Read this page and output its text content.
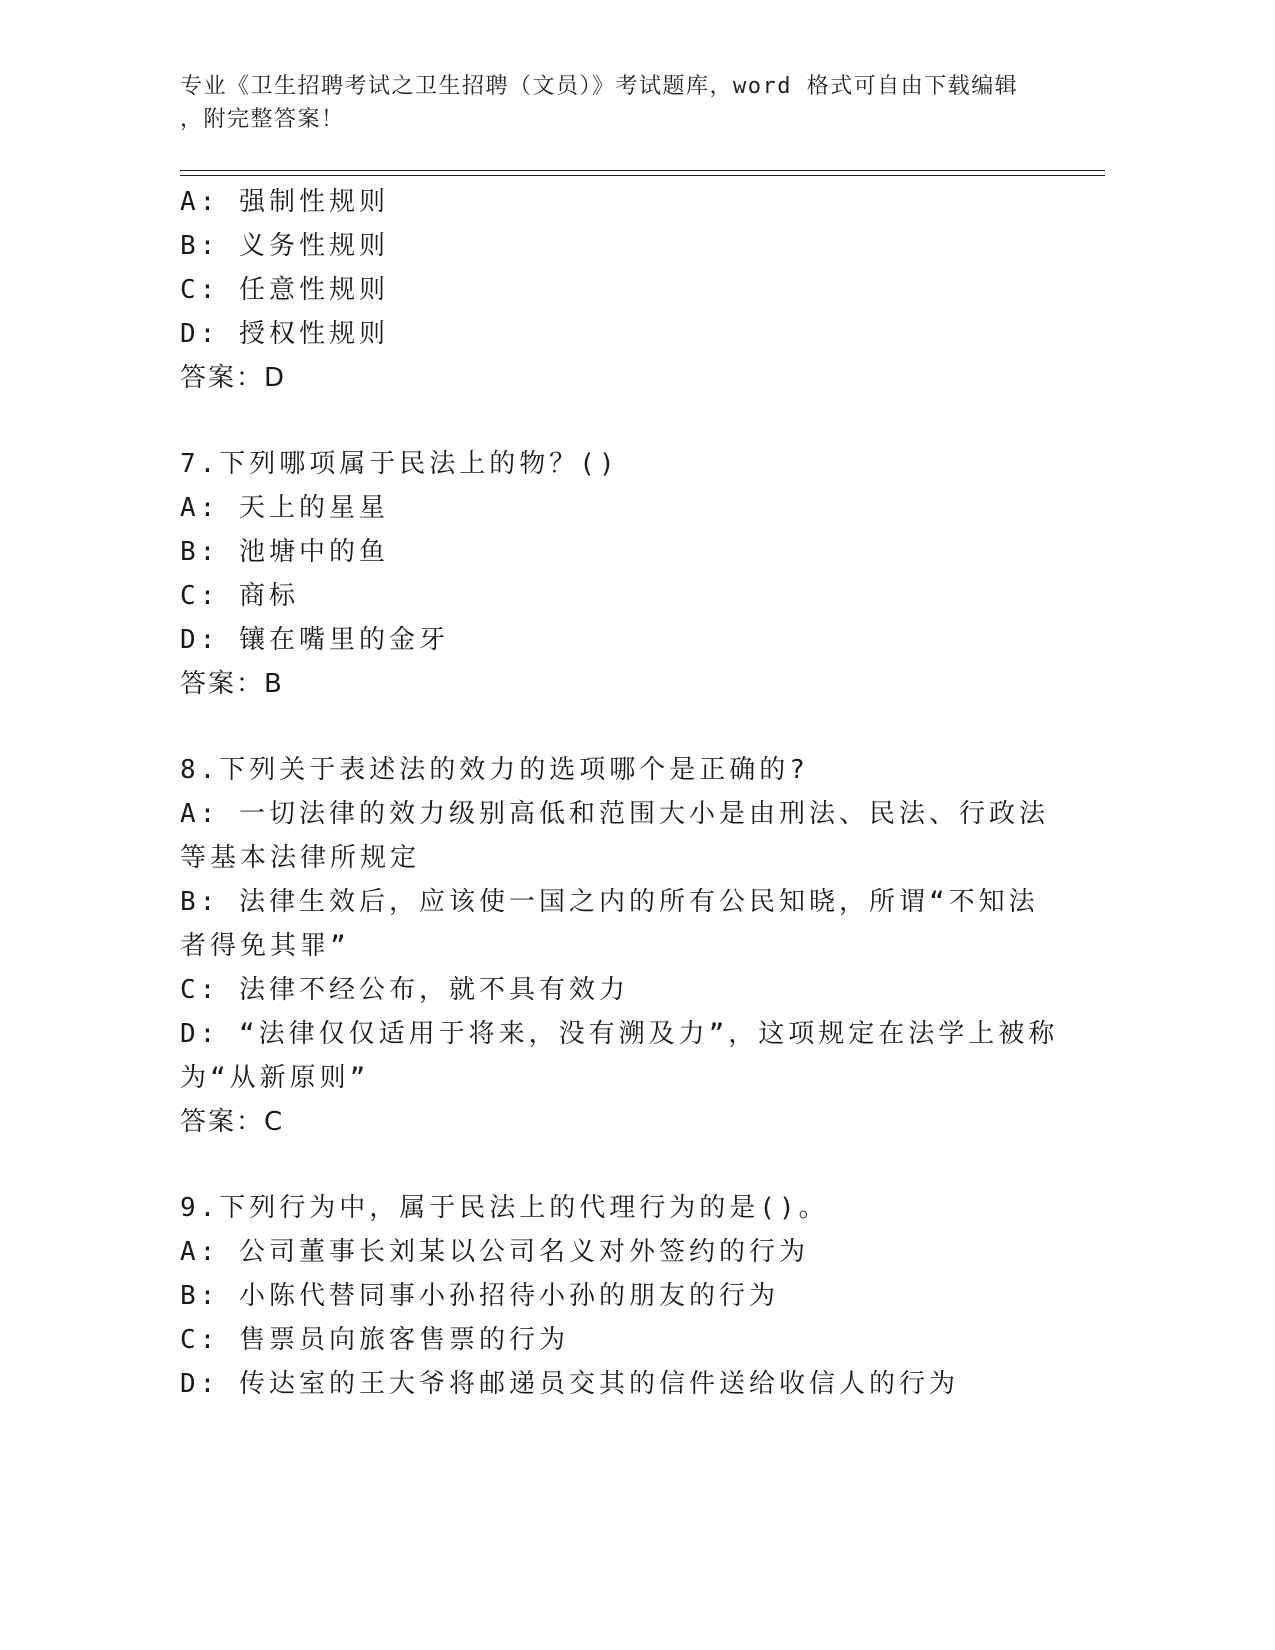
专业《卫生招聘考试之卫生招聘（文员）》考试题库，word 格式可自由下载编辑
，附完整答案！
A: 强制性规则
B: 义务性规则
C: 任意性规则
D: 授权性规则
答案：D
7.下列哪项属于民法上的物？()
A: 天上的星星
B: 池塘中的鱼
C: 商标
D: 镶在嘴里的金牙
答案：B
8.下列关于表述法的效力的选项哪个是正确的?
A: 一切法律的效力级别高低和范围大小是由刑法、民法、行政法等基本法律所规定
B: 法律生效后，应该使一国之内的所有公民知晓，所谓“不知法者得免其罪”
C: 法律不经公布，就不具有效力
D: “法律仅仅适用于将来，没有溯及力”，这项规定在法学上被称为“从新原则”
答案：C
9.下列行为中，属于民法上的代理行为的是()。
A: 公司董事长刘某以公司名义对外签约的行为
B: 小陈代替同事小孙招待小孙的朋友的行为
C: 售票员向旅客售票的行为
D: 传达室的王大爷将邮递员交其的信件送给收信人的行为
